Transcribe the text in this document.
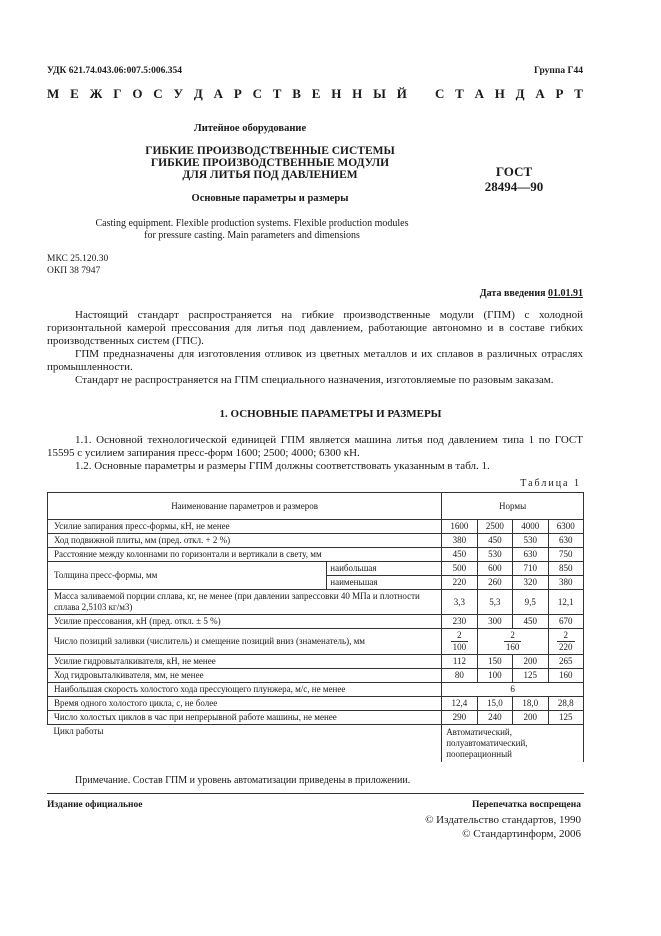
УДК 621.74.043.06:007.5:006.354	Группа Г44
М Е Ж Г О С У Д А Р С Т В Е Н Н Ы Й С Т А Н Д А Р Т
Литейное оборудование
ГИБКИЕ ПРОИЗВОДСТВЕННЫЕ СИСТЕМЫ
ГИБКИЕ ПРОИЗВОДСТВЕННЫЕ МОДУЛИ
ДЛЯ ЛИТЬЯ ПОД ДАВЛЕНИЕМ	ГОСТ
28494—90
Основные параметры и размеры
Casting equipment. Flexible production systems. Flexible production modules
for pressure casting. Main parameters and dimensions
МКС 25.120.30
ОКП 38 7947
Дата введения 01.01.91
Настоящий стандарт распространяется на гибкие производственные модули (ГПМ) с холодной горизонтальной камерой прессования для литья под давлением, работающие автономно и в составе гибких производственных систем (ГПС).
ГПМ предназначены для изготовления отливок из цветных металлов и их сплавов в различных отраслях промышленности.
Стандарт не распространяется на ГПМ специального назначения, изготовляемые по разовым заказам.
1. ОСНОВНЫЕ ПАРАМЕТРЫ И РАЗМЕРЫ
1.1. Основной технологической единицей ГПМ является машина литья под давлением типа 1 по ГОСТ 15595 с усилием запирания пресс-форм 1600; 2500; 4000; 6300 кН.
1.2. Основные параметры и размеры ГПМ должны соответствовать указанным в табл. 1.
Таблица 1
Наименование параметров и размеров		Нормы			
Усилие запирания пресс-формы, кН, не менее		1600	2500	4000	6300
Ход подвижной плиты, мм (пред. откл. + 2 %)		380	450	530	630
Расстояние между колоннами по горизонтали и вертикали в свету, мм		450	530	630	750
Толщина пресс-формы, мм	наибольшая	500	600	710	850
	наименьшая	220	260	320	380
Масса заливаемой порции сплава, кг, не менее (при давлении запрессовки 40 МПа и плотности сплава 2,5103 кг/м3)		3,3	5,3	9,5	12,1
Усилие прессования, кН (пред. откл. ± 5 %)		230	300	450	670
Число позиций заливки (числитель) и смещение позиций вниз (знаменатель), мм		$\frac{2}{100}$	$\frac{2}{160}$		$\frac{2}{220}$

Усилие гидровыталкивателя, кН, не менее		112	150	200	265
Ход гидровыталкивателя, мм, не менее		80	100	125	160
Наибольшая скорость холостого хода прессующего плунжера, м/с, не менее		6			
Время одного холостого цикла, с, не более		12,4	15,0	18,0	28,8
Число холостых циклов в час при непрерывной работе машины, не менее		290	240	200	125
Цикл работы		Автоматический, полуавтоматический, пооперационный			
Примечание. Состав ГПМ и уровень автоматизации приведены в приложении.
Издание официальное	Перепечатка воспрещена
© Издательство стандартов, 1990
© Стандартинформ, 2006
